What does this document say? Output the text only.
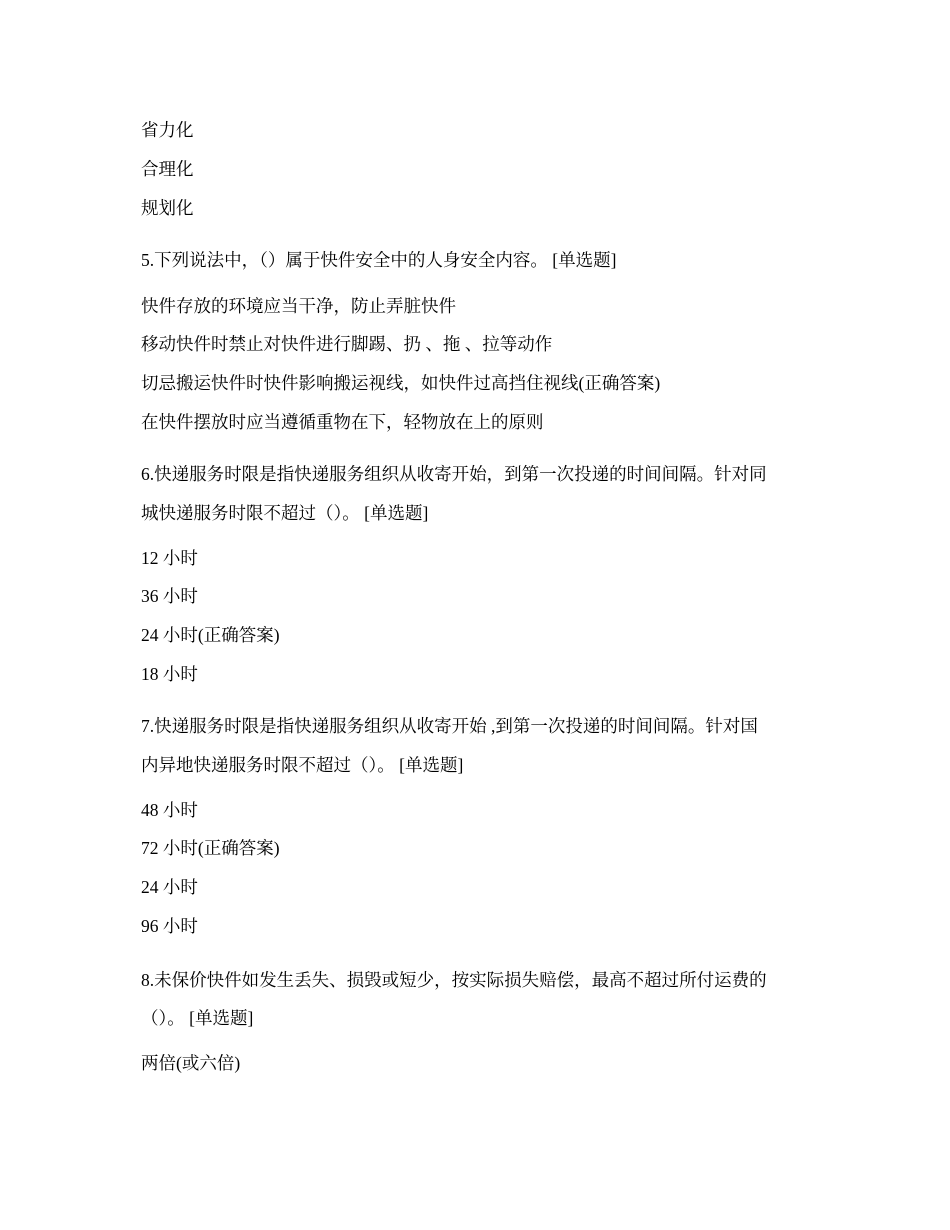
省力化

合理化

规划化

5.下列说法中，（）属于快件安全中的人身安全内容。 [单选题]

快件存放的环境应当干净，防止弄脏快件

移动快件时禁止对快件进行脚踢、扔 、拖 、拉等动作

切忌搬运快件时快件影响搬运视线，如快件过高挡住视线(正确答案)

在快件摆放时应当遵循重物在下，轻物放在上的原则

6.快递服务时限是指快递服务组织从收寄开始，到第一次投递的时间间隔。针对同

城快递服务时限不超过（）。 [单选题]

12 小时

36 小时

24 小时(正确答案)

18 小时

7.快递服务时限是指快递服务组织从收寄开始 ,到第一次投递的时间间隔。针对国

内异地快递服务时限不超过（）。 [单选题]

48 小时

72 小时(正确答案)

24 小时

96 小时

8.未保价快件如发生丢失、损毁或短少，按实际损失赔偿，最高不超过所付运费的

（）。 [单选题]

两倍(或六倍)
